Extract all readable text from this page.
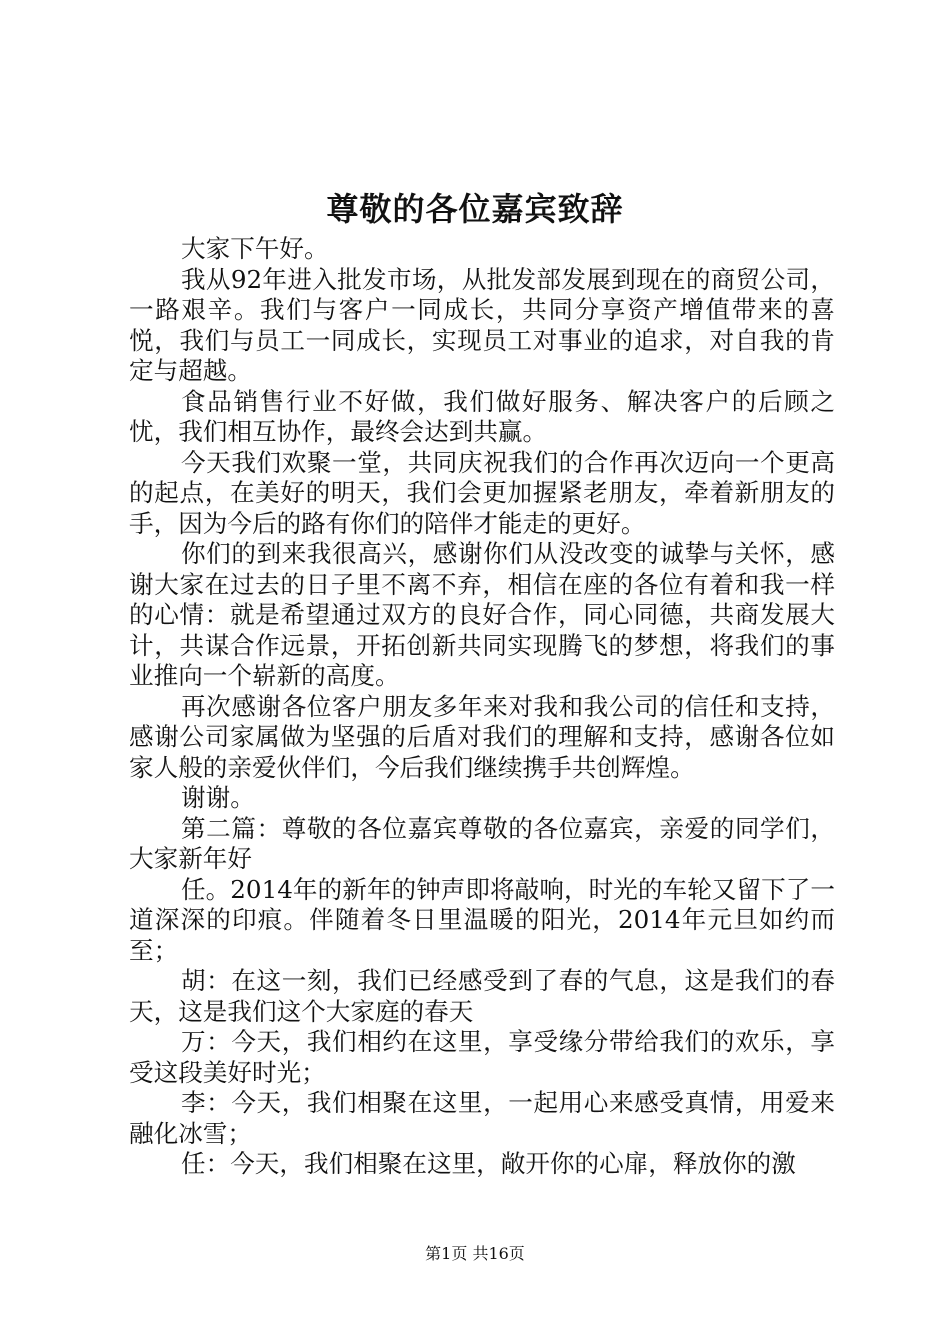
尊敬的各位嘉宾致辞

大家下午好。

我从92年进入批发市场，从批发部发展到现在的商贸公司，一路艰辛。我们与客户一同成长，共同分享资产增值带来的喜悦，我们与员工一同成长，实现员工对事业的追求，对自我的肯定与超越。

食品销售行业不好做，我们做好服务、解决客户的后顾之忧，我们相互协作，最终会达到共赢。

今天我们欢聚一堂，共同庆祝我们的合作再次迈向一个更高的起点，在美好的明天，我们会更加握紧老朋友，牵着新朋友的手，因为今后的路有你们的陪伴才能走的更好。

你们的到来我很高兴，感谢你们从没改变的诚挚与关怀，感谢大家在过去的日子里不离不弃，相信在座的各位有着和我一样的心情：就是希望通过双方的良好合作，同心同德，共商发展大计，共谋合作远景，开拓创新共同实现腾飞的梦想，将我们的事业推向一个崭新的高度。

再次感谢各位客户朋友多年来对我和我公司的信任和支持，感谢公司家属做为坚强的后盾对我们的理解和支持，感谢各位如家人般的亲爱伙伴们，今后我们继续携手共创辉煌。

谢谢。

第二篇：尊敬的各位嘉宾尊敬的各位嘉宾，亲爱的同学们，大家新年好

任。2014年的新年的钟声即将敲响，时光的车轮又留下了一道深深的印痕。伴随着冬日里温暖的阳光，2014年元旦如约而至；

胡：在这一刻，我们已经感受到了春的气息，这是我们的春天，这是我们这个大家庭的春天

万：今天，我们相约在这里，享受缘分带给我们的欢乐，享受这段美好时光；

李：今天，我们相聚在这里，一起用心来感受真情，用爱来融化冰雪；

任：今天，我们相聚在这里，敞开你的心扉，释放你的激

第1页 共16页
